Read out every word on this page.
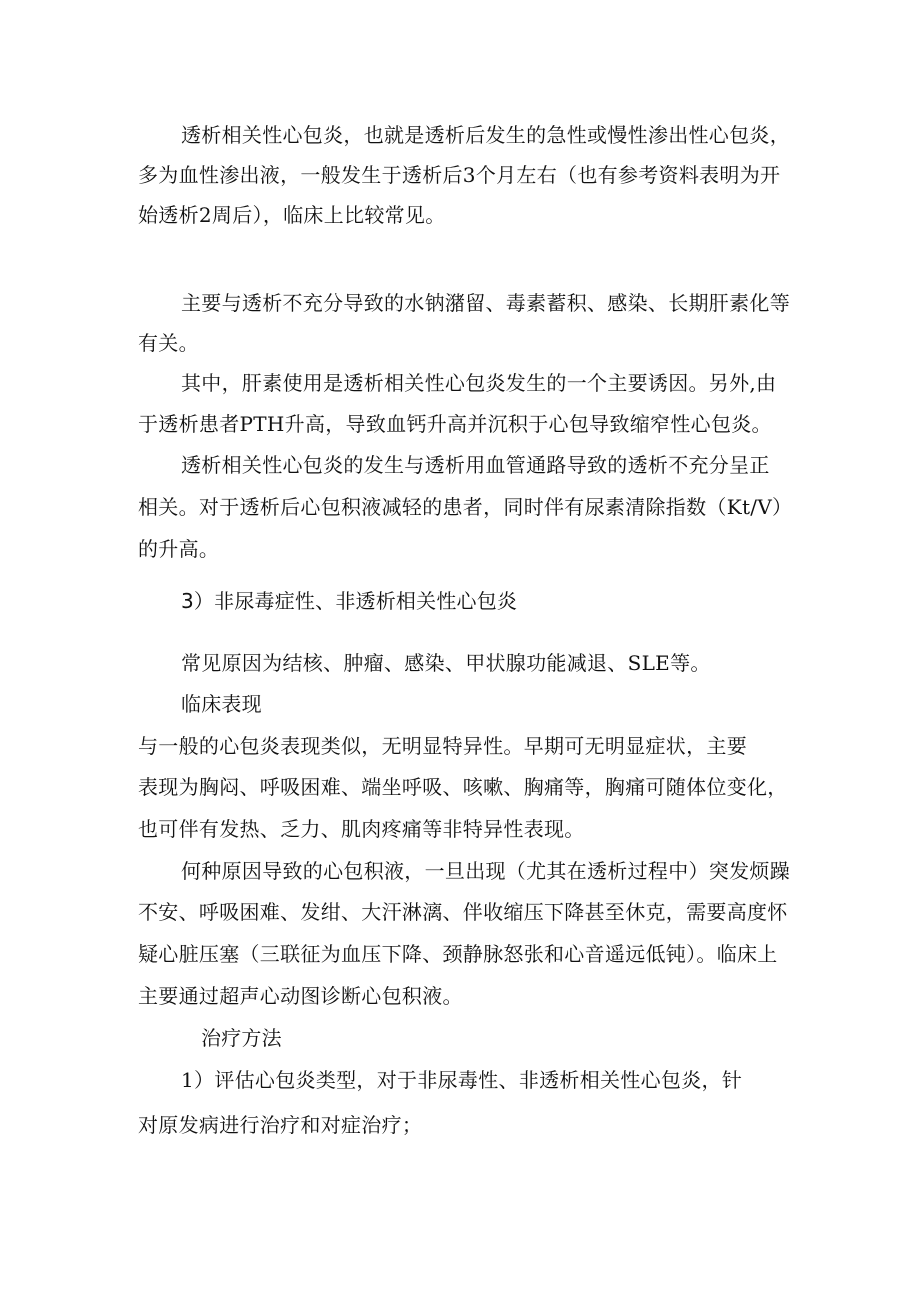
透析相关性心包炎，也就是透析后发生的急性或慢性渗出性心包炎，
多为血性渗出液，一般发生于透析后3个月左右（也有参考资料表明为开
始透析2周后），临床上比较常见。
主要与透析不充分导致的水钠潴留、毒素蓄积、感染、长期肝素化等
有关。
其中，肝素使用是透析相关性心包炎发生的一个主要诱因。另外,由
于透析患者PTH升高，导致血钙升高并沉积于心包导致缩窄性心包炎。
透析相关性心包炎的发生与透析用血管通路导致的透析不充分呈正
相关。对于透析后心包积液减轻的患者，同时伴有尿素清除指数（Kt/V）
的升高。
3）非尿毒症性、非透析相关性心包炎
常见原因为结核、肿瘤、感染、甲状腺功能减退、SLE等。
临床表现
与一般的心包炎表现类似，无明显特异性。早期可无明显症状，主要
表现为胸闷、呼吸困难、端坐呼吸、咳嗽、胸痛等，胸痛可随体位变化，
也可伴有发热、乏力、肌肉疼痛等非特异性表现。
何种原因导致的心包积液，一旦出现（尤其在透析过程中）突发烦躁
不安、呼吸困难、发绀、大汗淋漓、伴收缩压下降甚至休克，需要高度怀
疑心脏压塞（三联征为血压下降、颈静脉怒张和心音遥远低钝）。临床上
主要通过超声心动图诊断心包积液。
治疗方法
1）评估心包炎类型，对于非尿毒性、非透析相关性心包炎，针
对原发病进行治疗和对症治疗；
